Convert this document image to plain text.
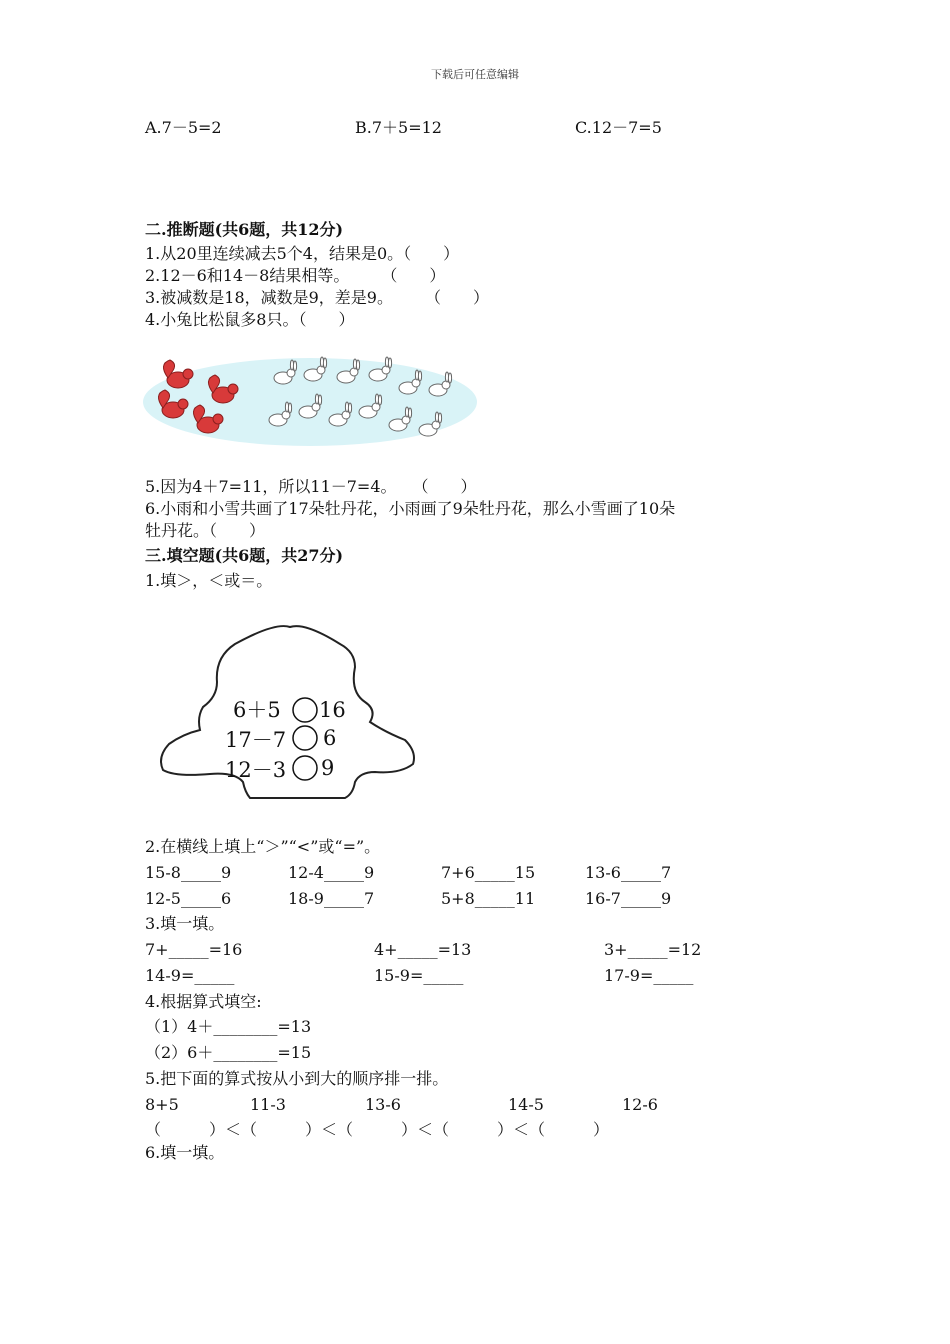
下载后可任意编辑
A.7－5=2	B.7＋5=12	C.12－7=5
二.推断题(共6题，共12分)
1.从20里连续减去5个4，结果是0。（　　）
2.12－6和14－8结果相等。　　　（　　）
3.被减数是18，减数是9，差是9。　　　（　　）
4.小兔比松鼠多8只。（　　）
5.因为4＋7=11，所以11－7=4。　　（　　）
6.小雨和小雪共画了17朵牡丹花，小雨画了9朵牡丹花，那么小雪画了10朵
牡丹花。（　　）
三.填空题(共6题，共27分)
1.填＞，＜或＝。
6＋5 16
17－7 6
12－3 9
2.在横线上填上“＞”“<”或“=”。
15-8_____9	12-4_____9	7+6_____15	13-6_____7
12-5_____6	18-9_____7	5+8_____11	16-7_____9
3.填一填。
7+_____=16	4+_____=13	3+_____=12
14-9=_____	15-9=_____	17-9=_____
4.根据算式填空:
（1）4＋________=13
（2）6＋________=15
5.把下面的算式按从小到大的顺序排一排。
8+5	11-3	13-6	14-5	12-6
（　　　）＜（　　　）＜（　　　）＜（　　　）＜（　　　）
6.填一填。
